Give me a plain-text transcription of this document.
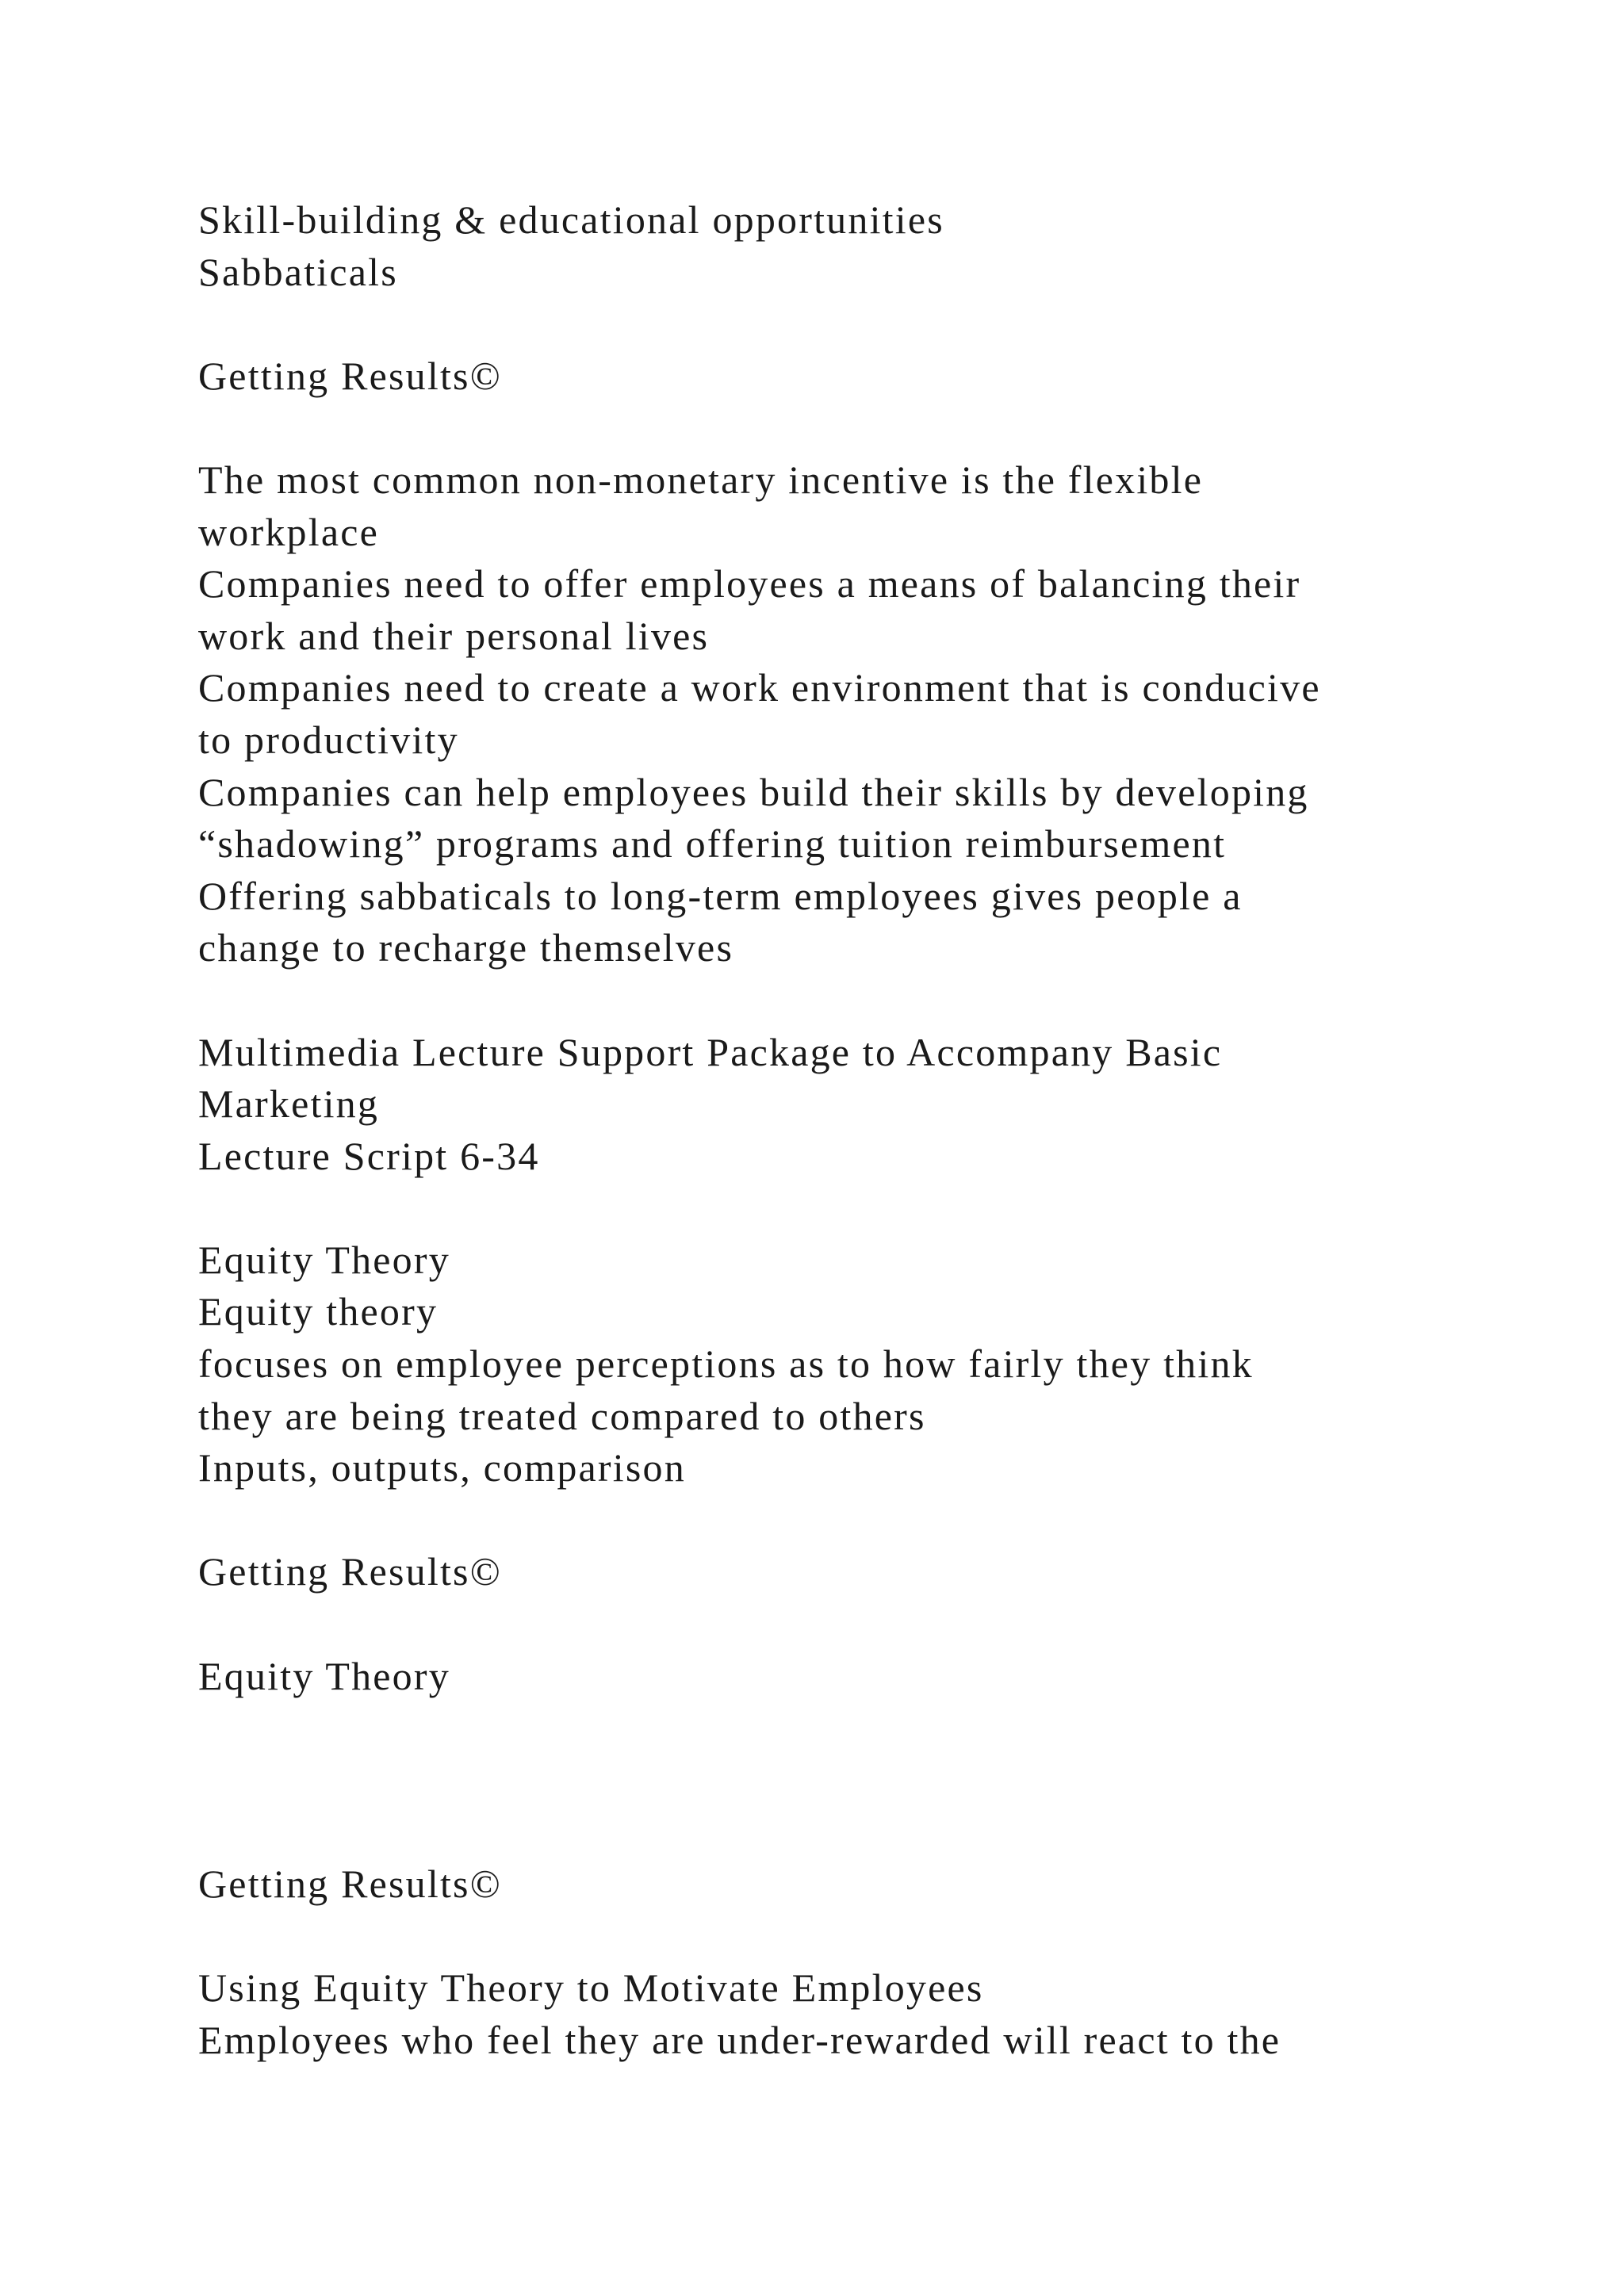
Skill-building & educational opportunities
Sabbaticals
Getting Results©
The most common non-monetary incentive is the flexible
workplace
Companies need to offer employees a means of balancing their
work and their personal lives
Companies need to create a work environment that is conducive
to productivity
Companies can help employees build their skills by developing
“shadowing” programs and offering tuition reimbursement
Offering sabbaticals to long-term employees gives people a
change to recharge themselves
Multimedia Lecture Support Package to Accompany Basic
Marketing
Lecture Script 6-34
Equity Theory
Equity theory
focuses on employee perceptions as to how fairly they think
they are being treated compared to others
Inputs, outputs, comparison
Getting Results©
Equity Theory
Getting Results©
Using Equity Theory to Motivate Employees
Employees who feel they are under-rewarded will react to the
